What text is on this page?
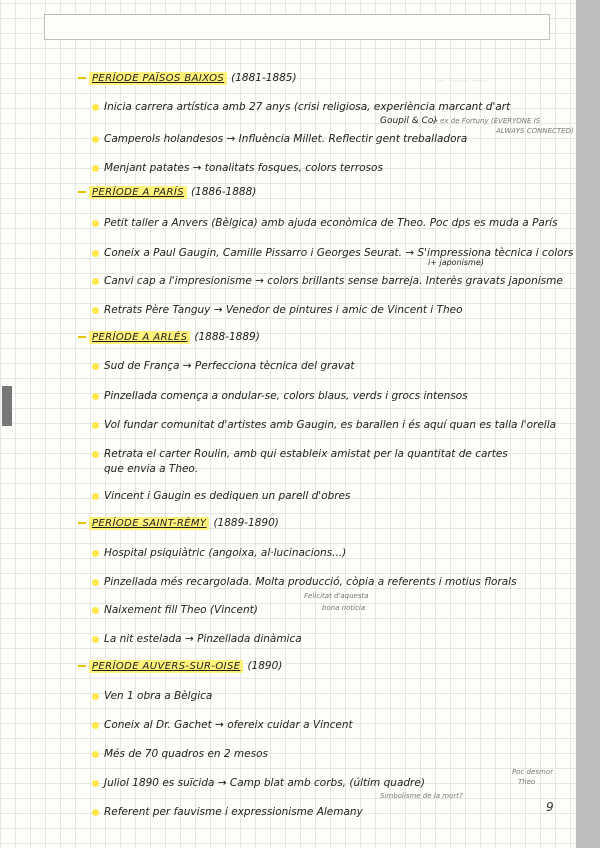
— ·—— ——
PERÍODE PAÏSOS BAIXOS (1881-1885)
Inicia carrera artística amb 27 anys (crisi religiosa, experiència marcant d'art
Goupil & Co)
→ ex de Fortuny (EVERYONE IS
ALWAYS CONNECTED)
Camperols holandesos → Influència Millet. Reflectir gent treballadora
Menjant patates → tonalitats fosques, colors terrosos
PERÍODE A PARÍS (1886-1888)
Petit taller a Anvers (Bèlgica) amb ajuda econòmica de Theo. Poc dps es muda a París
Coneix a Paul Gaugin, Camille Pissarro i Georges Seurat. → S'impressiona tècnica i colors
i+ japonisme)
Canvi cap a l'impresionisme → colors brillants sense barreja. Interès gravats japonisme
Retrats Père Tanguy → Venedor de pintures i amic de Vincent i Theo
PERÍODE A ARLÉS (1888-1889)
Sud de França → Perfecciona tècnica del gravat
Pinzellada comença a ondular-se, colors blaus, verds i grocs intensos
Vol fundar comunitat d'artistes amb Gaugin, es barallen i és aquí quan es talla l'orella
Retrata el carter Roulin, amb qui estableix amistat per la quantitat de cartes
que envia a Theo.
Vincent i Gaugin es dediquen un parell d'obres
PERÍODE SAINT-RÉMY (1889-1890)
Hospital psiquiàtric (angoixa, al·lucinacions...)
Pinzellada més recargolada. Molta producció, còpia a referents i motius florals
Naixement fill Theo (Vincent)
Felicitat d'aquesta
bona notícia
La nit estelada → Pinzellada dinàmica
PERÍODE AUVERS-SUR-OISE (1890)
Ven 1 obra a Bèlgica
Coneix al Dr. Gachet → ofereix cuidar a Vincent
Més de 70 quadros en 2 mesos
Juliol 1890 es suïcida → Camp blat amb corbs, (últim quadre)
Poc desmor
Theo
Simbolisme de la mort?
Referent per fauvisme i expressionisme Alemany	9
